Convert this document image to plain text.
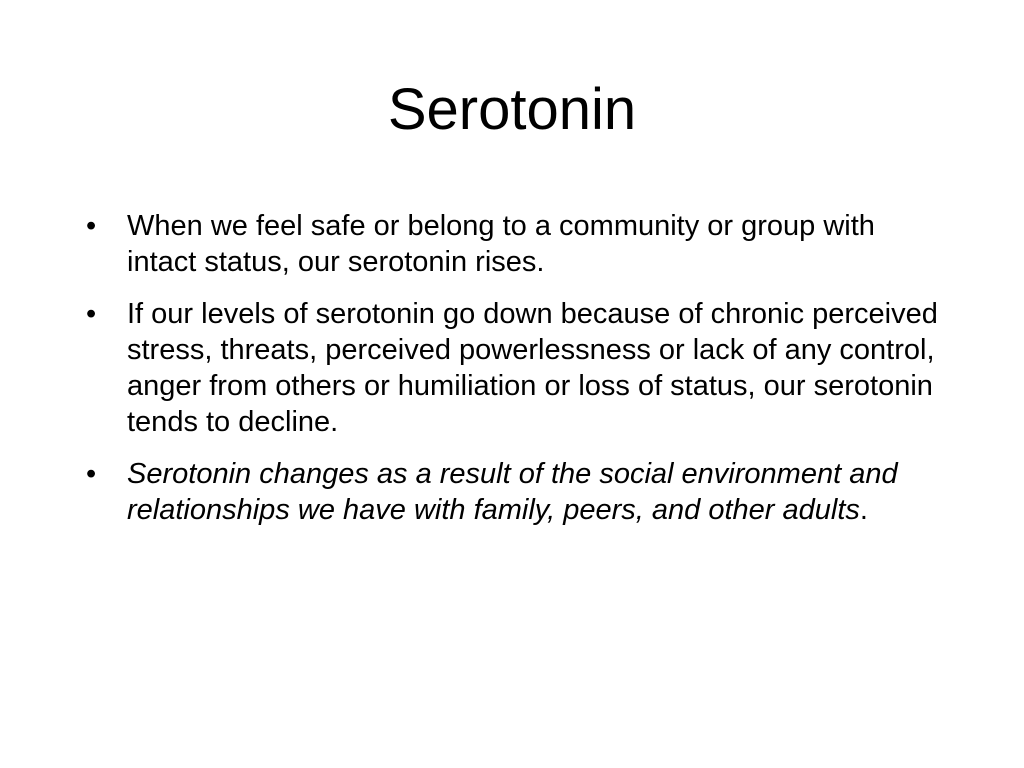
Serotonin
• When we feel safe or belong to a community or group with intact status, our serotonin rises.
• If our levels of serotonin go down because of chronic perceived stress, threats, perceived powerlessness or lack of any control, anger from others or humiliation or loss of status, our serotonin tends to decline.
• Serotonin changes as a result of the social environment and relationships we have with family, peers, and other adults.
